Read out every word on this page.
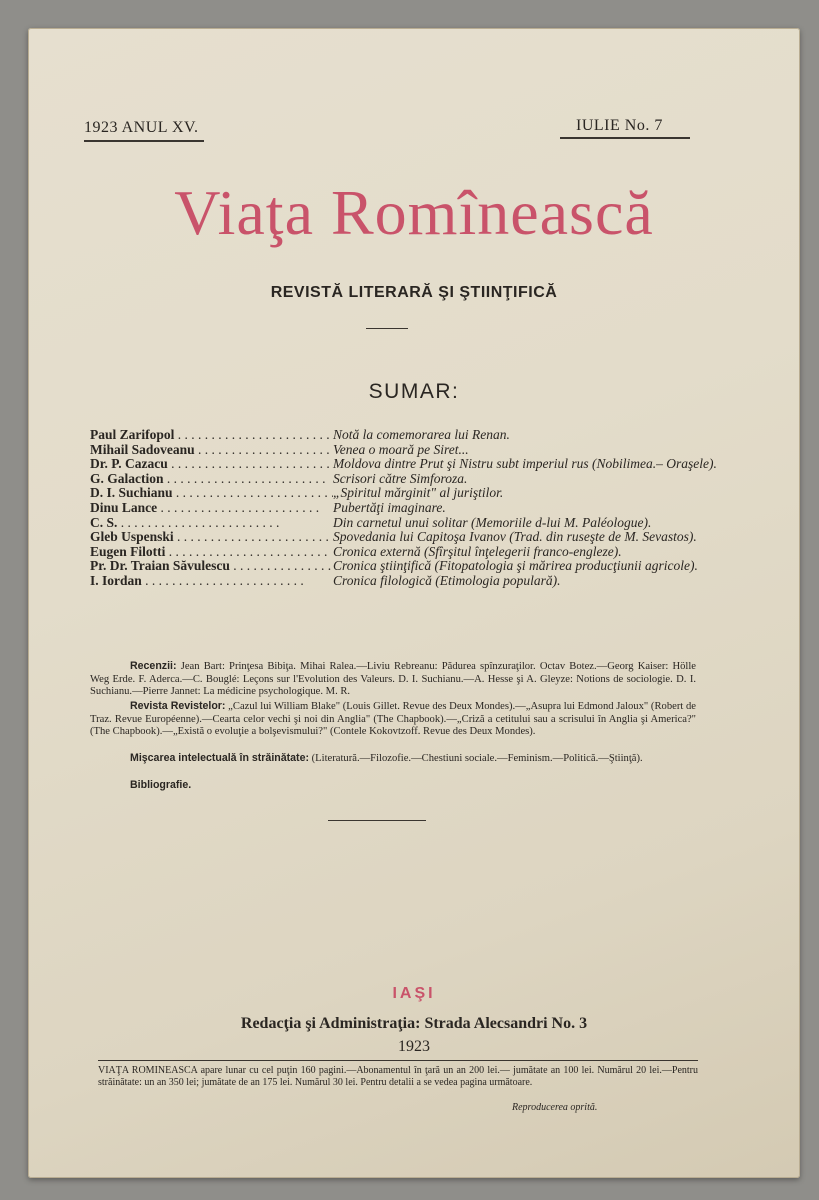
1923 ANUL XV.	IULIE No. 7
Viaţa Romînească
REVISTĂ LITERARĂ ŞI ŞTIINŢIFICĂ
SUMAR:
Paul Zarifopol . . .	Notă la comemorarea lui Renan.
Mihail Sadoveanu . . .	Venea o moară pe Siret...
Dr. P. Cazacu . . .	Moldova dintre Prut şi Nistru subt imperiul rus (Nobilimea.– Oraşele).
G. Galaction . . .	Scrisori către Simforoza.
D. I. Suchianu . . .	„Spiritul mărginit" al juriştilor.
Dinu Lance . . .	Pubertăţi imaginare.
C. S. . . .	Din carnetul unui solitar (Memoriile d-lui M. Paléologue).
Gleb Uspenski . . .	Spovedania lui Capitoşa Ivanov (Trad. din ruseşte de M. Sevastos).
Eugen Filotti . . .	Cronica externă (Sfîrşitul înţelegerii franco-engleze).
Pr. Dr. Traian Săvulescu . . .	Cronica ştiinţifică (Fitopatologia şi mărirea producţiunii agricole).
I. Iordan . . .	Cronica filologică (Etimologia populară).
Recenzii: Jean Bart: Prinţesa Bibiţa. Mihai Ralea.—Liviu Rebreanu: Pădurea spînzuraţilor. Octav Botez.—Georg Kaiser: Hölle Weg Erde. F. Aderca.—C. Bouglé: Leçons sur l'Evolution des Valeurs. D. I. Suchianu.—A. Hesse şi A. Gleyze: Notions de sociologie. D. I. Suchianu.—Pierre Jannet: La médicine psychologique. M. R.
Revista Revistelor: „Cazul lui William Blake" (Louis Gillet. Revue des Deux Mondes).—„Asupra lui Edmond Jaloux" (Robert de Traz. Revue Européenne).—Cearta celor vechi şi noi din Anglia" (The Chapbook).—„Criză a cetitului sau a scrisului în Anglia şi America?" (The Chapbook).—„Există o evoluţie a bolşevismului?" (Contele Kokovtzoff. Revue des Deux Mondes).
Mişcarea intelectuală în străinătate: (Literatură.—Filozofie.—Chestiuni sociale.—Feminism.—Politică.—Ştiinţă).
Bibliografie.
IAŞI
Redacţia şi Administraţia: Strada Alecsandri No. 3
1923
VIAŢA ROMINEASCA apare lunar cu cel puţin 160 pagini.—Abonamentul în ţară un an 200 lei.— jumătate an 100 lei. Numărul 20 lei.—Pentru străinătate: un an 350 lei; jumătate de an 175 lei. Numărul 30 lei. Pentru detalii a se vedea pagina următoare.
Reproducerea oprită.
